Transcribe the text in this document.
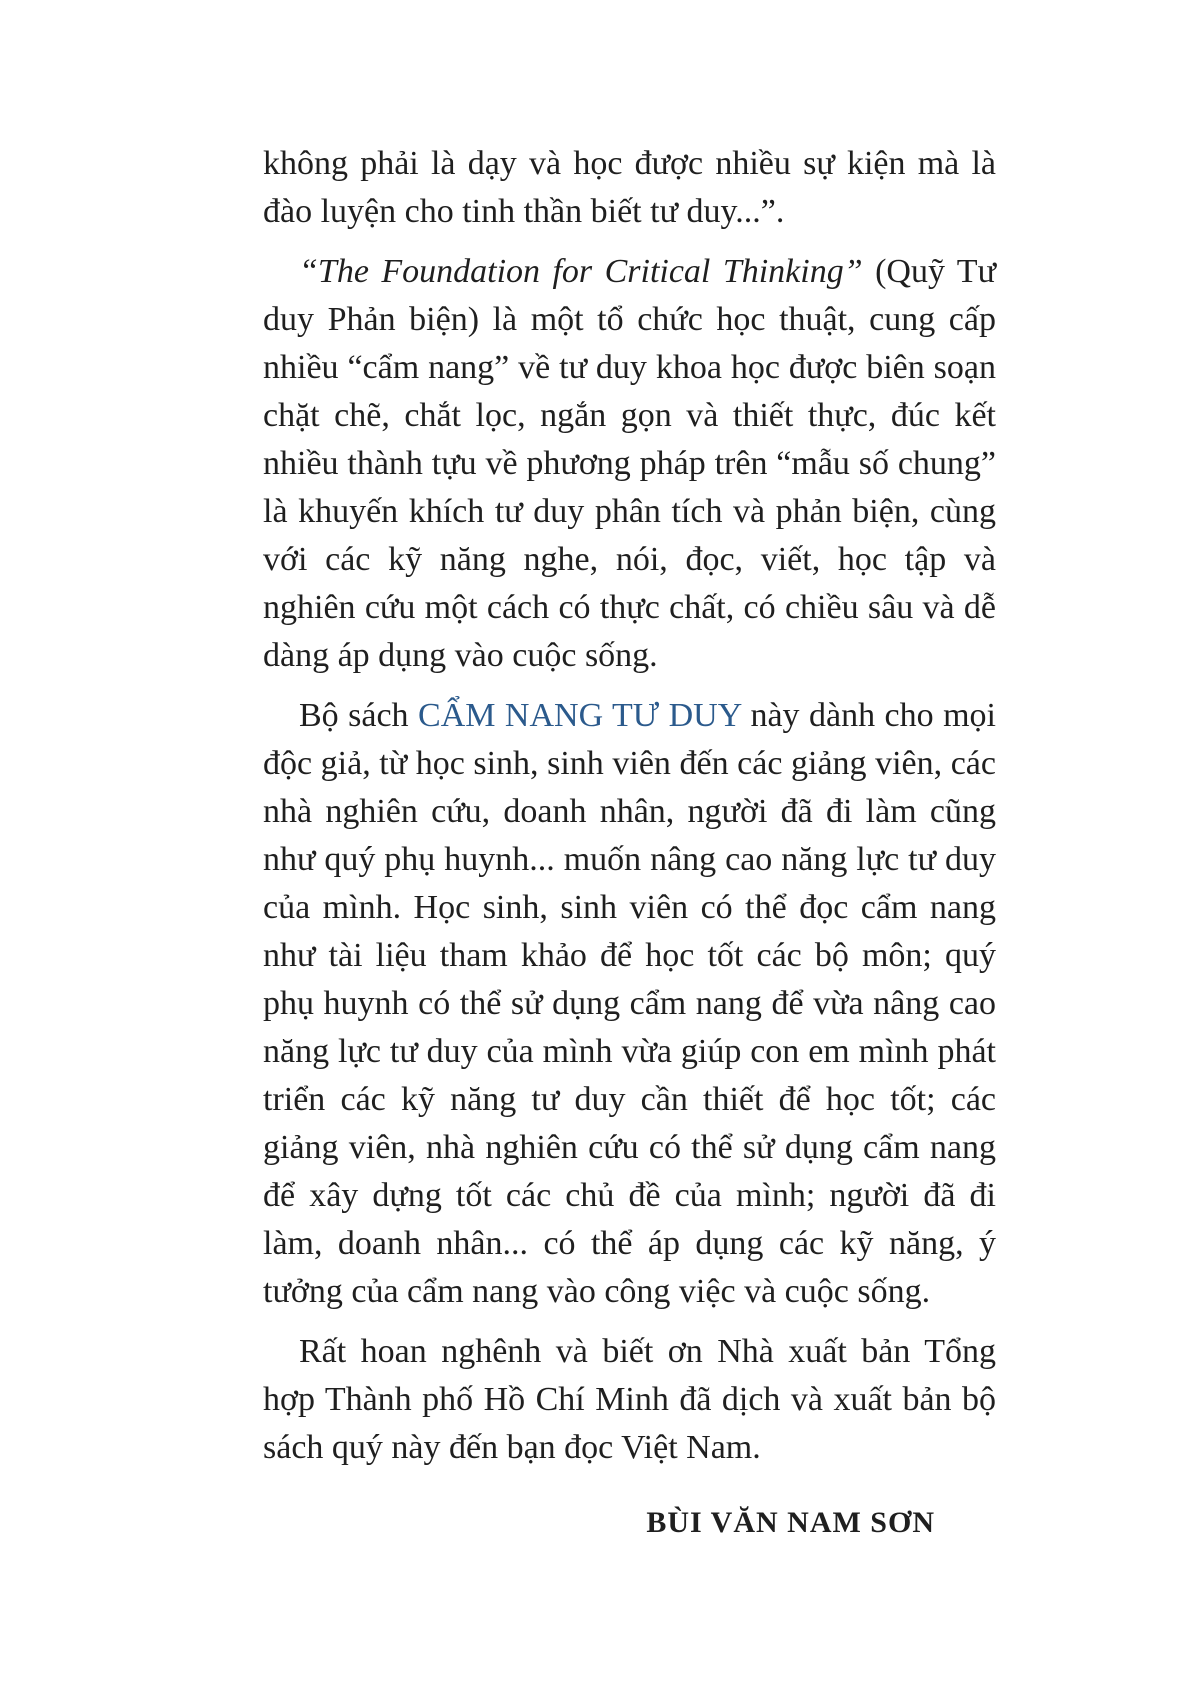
không phải là dạy và học được nhiều sự kiện mà là đào luyện cho tinh thần biết tư duy...”.

“The Foundation for Critical Thinking” (Quỹ Tư duy Phản biện) là một tổ chức học thuật, cung cấp nhiều “cẩm nang” về tư duy khoa học được biên soạn chặt chẽ, chắt lọc, ngắn gọn và thiết thực, đúc kết nhiều thành tựu về phương pháp trên “mẫu số chung” là khuyến khích tư duy phân tích và phản biện, cùng với các kỹ năng nghe, nói, đọc, viết, học tập và nghiên cứu một cách có thực chất, có chiều sâu và dễ dàng áp dụng vào cuộc sống.

Bộ sách CẨM NANG TƯ DUY này dành cho mọi độc giả, từ học sinh, sinh viên đến các giảng viên, các nhà nghiên cứu, doanh nhân, người đã đi làm cũng như quý phụ huynh... muốn nâng cao năng lực tư duy của mình. Học sinh, sinh viên có thể đọc cẩm nang như tài liệu tham khảo để học tốt các bộ môn; quý phụ huynh có thể sử dụng cẩm nang để vừa nâng cao năng lực tư duy của mình vừa giúp con em mình phát triển các kỹ năng tư duy cần thiết để học tốt; các giảng viên, nhà nghiên cứu có thể sử dụng cẩm nang để xây dựng tốt các chủ đề của mình; người đã đi làm, doanh nhân... có thể áp dụng các kỹ năng, ý tưởng của cẩm nang vào công việc và cuộc sống.

Rất hoan nghênh và biết ơn Nhà xuất bản Tổng hợp Thành phố Hồ Chí Minh đã dịch và xuất bản bộ sách quý này đến bạn đọc Việt Nam.

BÙI VĂN NAM SƠN
